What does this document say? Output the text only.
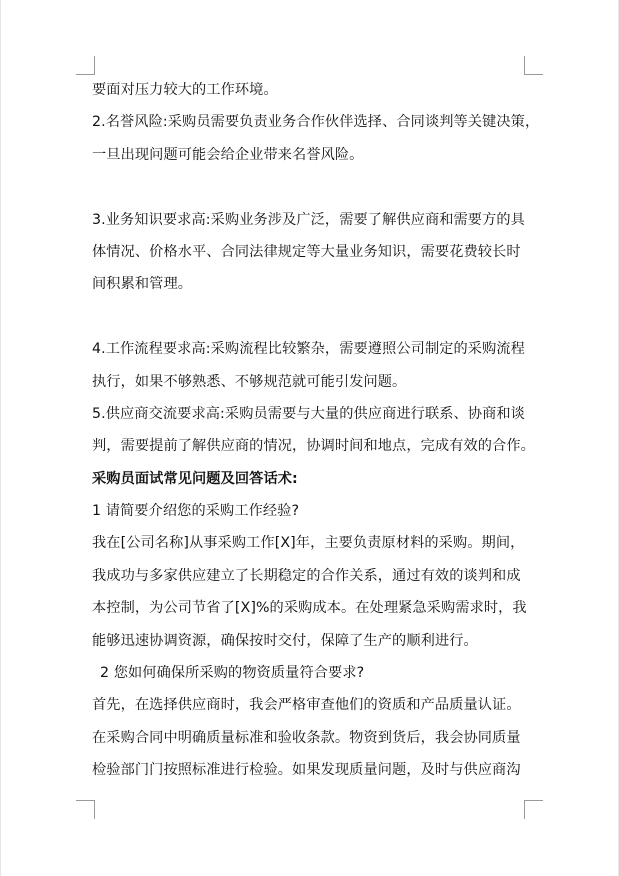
要面对压力较大的工作环境。
2.名誉风险:采购员需要负责业务合作伙伴选择、合同谈判等关键决策，
一旦出现问题可能会给企业带来名誉风险。
3.业务知识要求高:采购业务涉及广泛，需要了解供应商和需要方的具
体情况、价格水平、合同法律规定等大量业务知识，需要花费较长时
间积累和管理。
4.工作流程要求高:采购流程比较繁杂，需要遵照公司制定的采购流程
执行，如果不够熟悉、不够规范就可能引发问题。
5.供应商交流要求高:采购员需要与大量的供应商进行联系、协商和谈
判，需要提前了解供应商的情况，协调时间和地点，完成有效的合作。
采购员面试常见问题及回答话术:
1 请简要介绍您的采购工作经验?
我在[公司名称]从事采购工作[X]年，主要负责原材料的采购。期间，
我成功与多家供应建立了长期稳定的合作关系，通过有效的谈判和成
本控制，为公司节省了[X]%的采购成本。在处理紧急采购需求时，我
能够迅速协调资源，确保按时交付，保障了生产的顺利进行。
2 您如何确保所采购的物资质量符合要求?
首先，在选择供应商时，我会严格审查他们的资质和产品质量认证。
在采购合同中明确质量标准和验收条款。物资到货后，我会协同质量
检验部门门按照标准进行检验。如果发现质量问题，及时与供应商沟
